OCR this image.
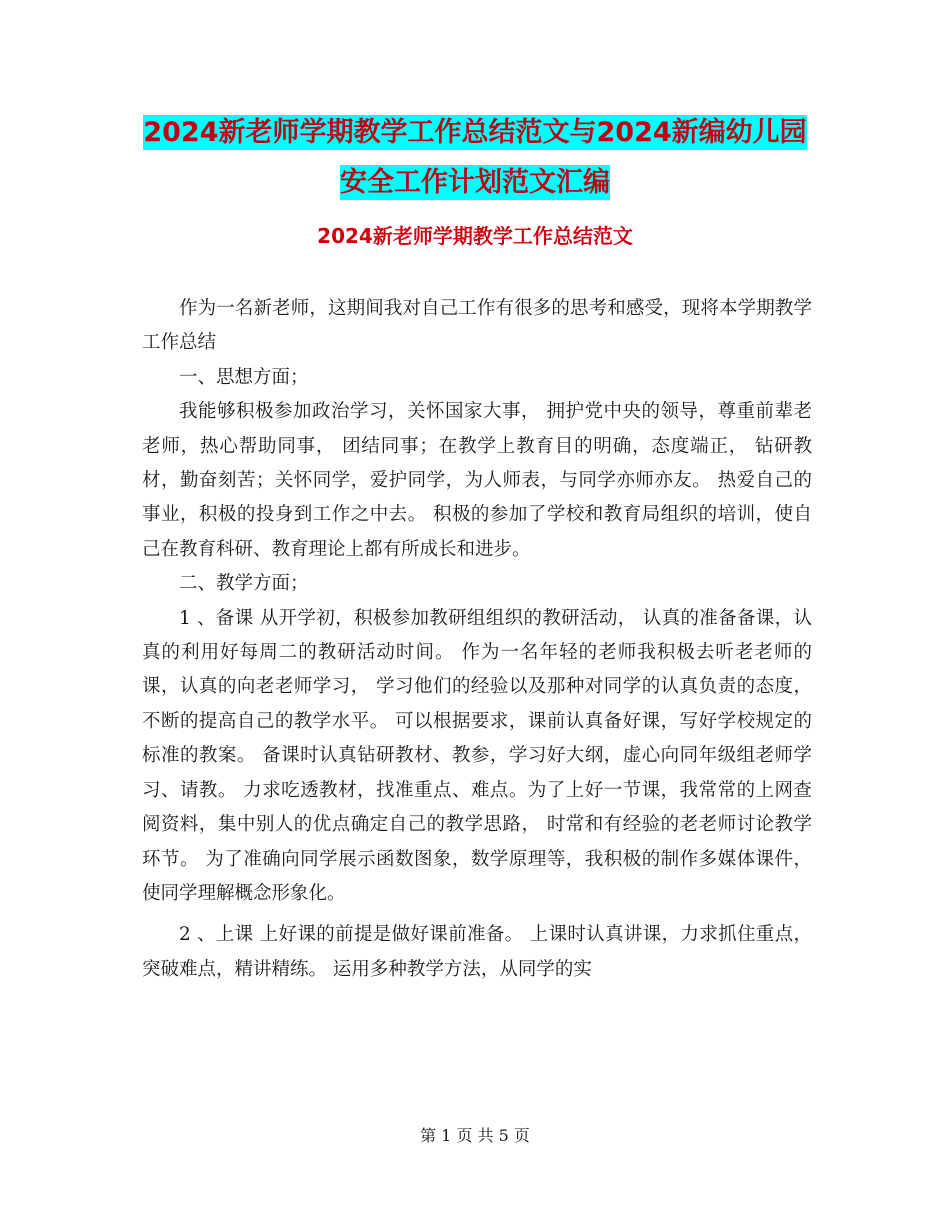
2024新老师学期教学工作总结范文与2024新编幼儿园
安全工作计划范文汇编
2024新老师学期教学工作总结范文

作为一名新老师，这期间我对自己工作有很多的思考和感受，现将本学期教学工作总结

一、思想方面；

我能够积极参加政治学习，关怀国家大事， 拥护党中央的领导，尊重前辈老老师，热心帮助同事， 团结同事；在教学上教育目的明确，态度端正， 钻研教材，勤奋刻苦；关怀同学，爱护同学，为人师表，与同学亦师亦友。 热爱自己的事业，积极的投身到工作之中去。 积极的参加了学校和教育局组织的培训，使自己在教育科研、教育理论上都有所成长和进步。

二、教学方面；

1 、备课 从开学初，积极参加教研组组织的教研活动， 认真的准备备课，认真的利用好每周二的教研活动时间。 作为一名年轻的老师我积极去听老老师的课，认真的向老老师学习， 学习他们的经验以及那种对同学的认真负责的态度， 不断的提高自己的教学水平。 可以根据要求，课前认真备好课，写好学校规定的标准的教案。 备课时认真钻研教材、教参，学习好大纲，虚心向同年级组老师学习、请教。 力求吃透教材，找准重点、难点。为了上好一节课，我常常的上网查阅资料，集中别人的优点确定自己的教学思路， 时常和有经验的老老师讨论教学环节。 为了准确向同学展示函数图象，数学原理等，我积极的制作多媒体课件， 使同学理解概念形象化。

2 、上课 上好课的前提是做好课前准备。 上课时认真讲课，力求抓住重点，突破难点，精讲精练。 运用多种教学方法，从同学的实

第 1 页 共 5 页
